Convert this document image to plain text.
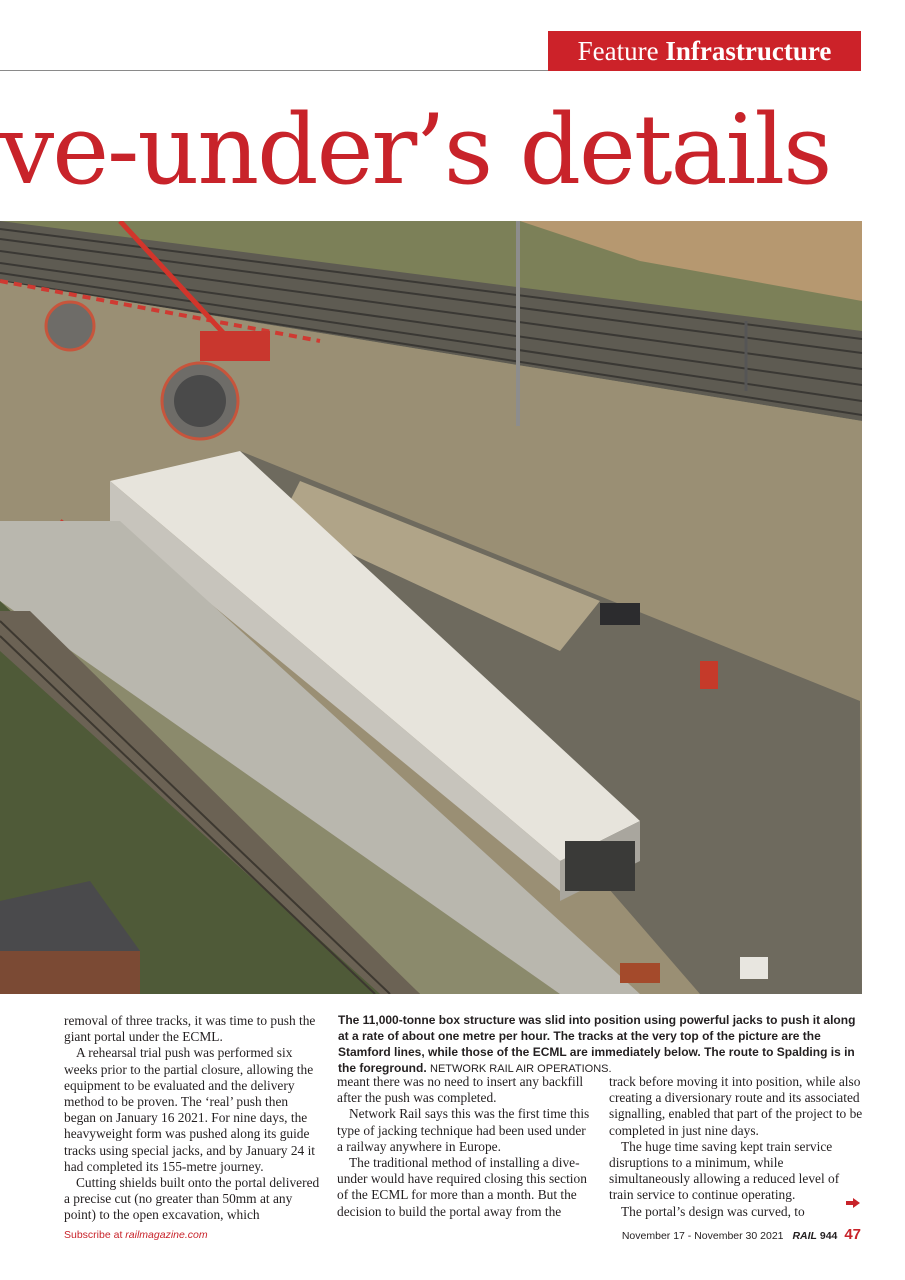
Feature Infrastructure
ve-under’s details
The 11,000-tonne box structure was slid into position using powerful jacks to push it along at a rate of about one metre per hour. The tracks at the very top of the picture are the Stamford lines, while those of the ECML are immediately below. The route to Spalding is in the foreground. NETWORK RAIL AIR OPERATIONS.

removal of three tracks, it was time to push the giant portal under the ECML.

A rehearsal trial push was performed six weeks prior to the partial closure, allowing the equipment to be evaluated and the delivery method to be proven. The ‘real’ push then began on January 16 2021. For nine days, the heavyweight form was pushed along its guide tracks using special jacks, and by January 24 it had completed its 155-metre journey.

Cutting shields built onto the portal delivered a precise cut (no greater than 50mm at any point) to the open excavation, which

meant there was no need to insert any backfill after the push was completed.

Network Rail says this was the first time this type of jacking technique had been used under a railway anywhere in Europe.

The traditional method of installing a dive-under would have required closing this section of the ECML for more than a month. But the decision to build the portal away from the

track before moving it into position, while also creating a diversionary route and its associated signalling, enabled that part of the project to be completed in just nine days.

The huge time saving kept train service disruptions to a minimum, while simultaneously allowing a reduced level of train service to continue operating.

The portal’s design was curved, to

Subscribe at railmagazine.com	November 17 - November 30 2021 RAIL 944 47
